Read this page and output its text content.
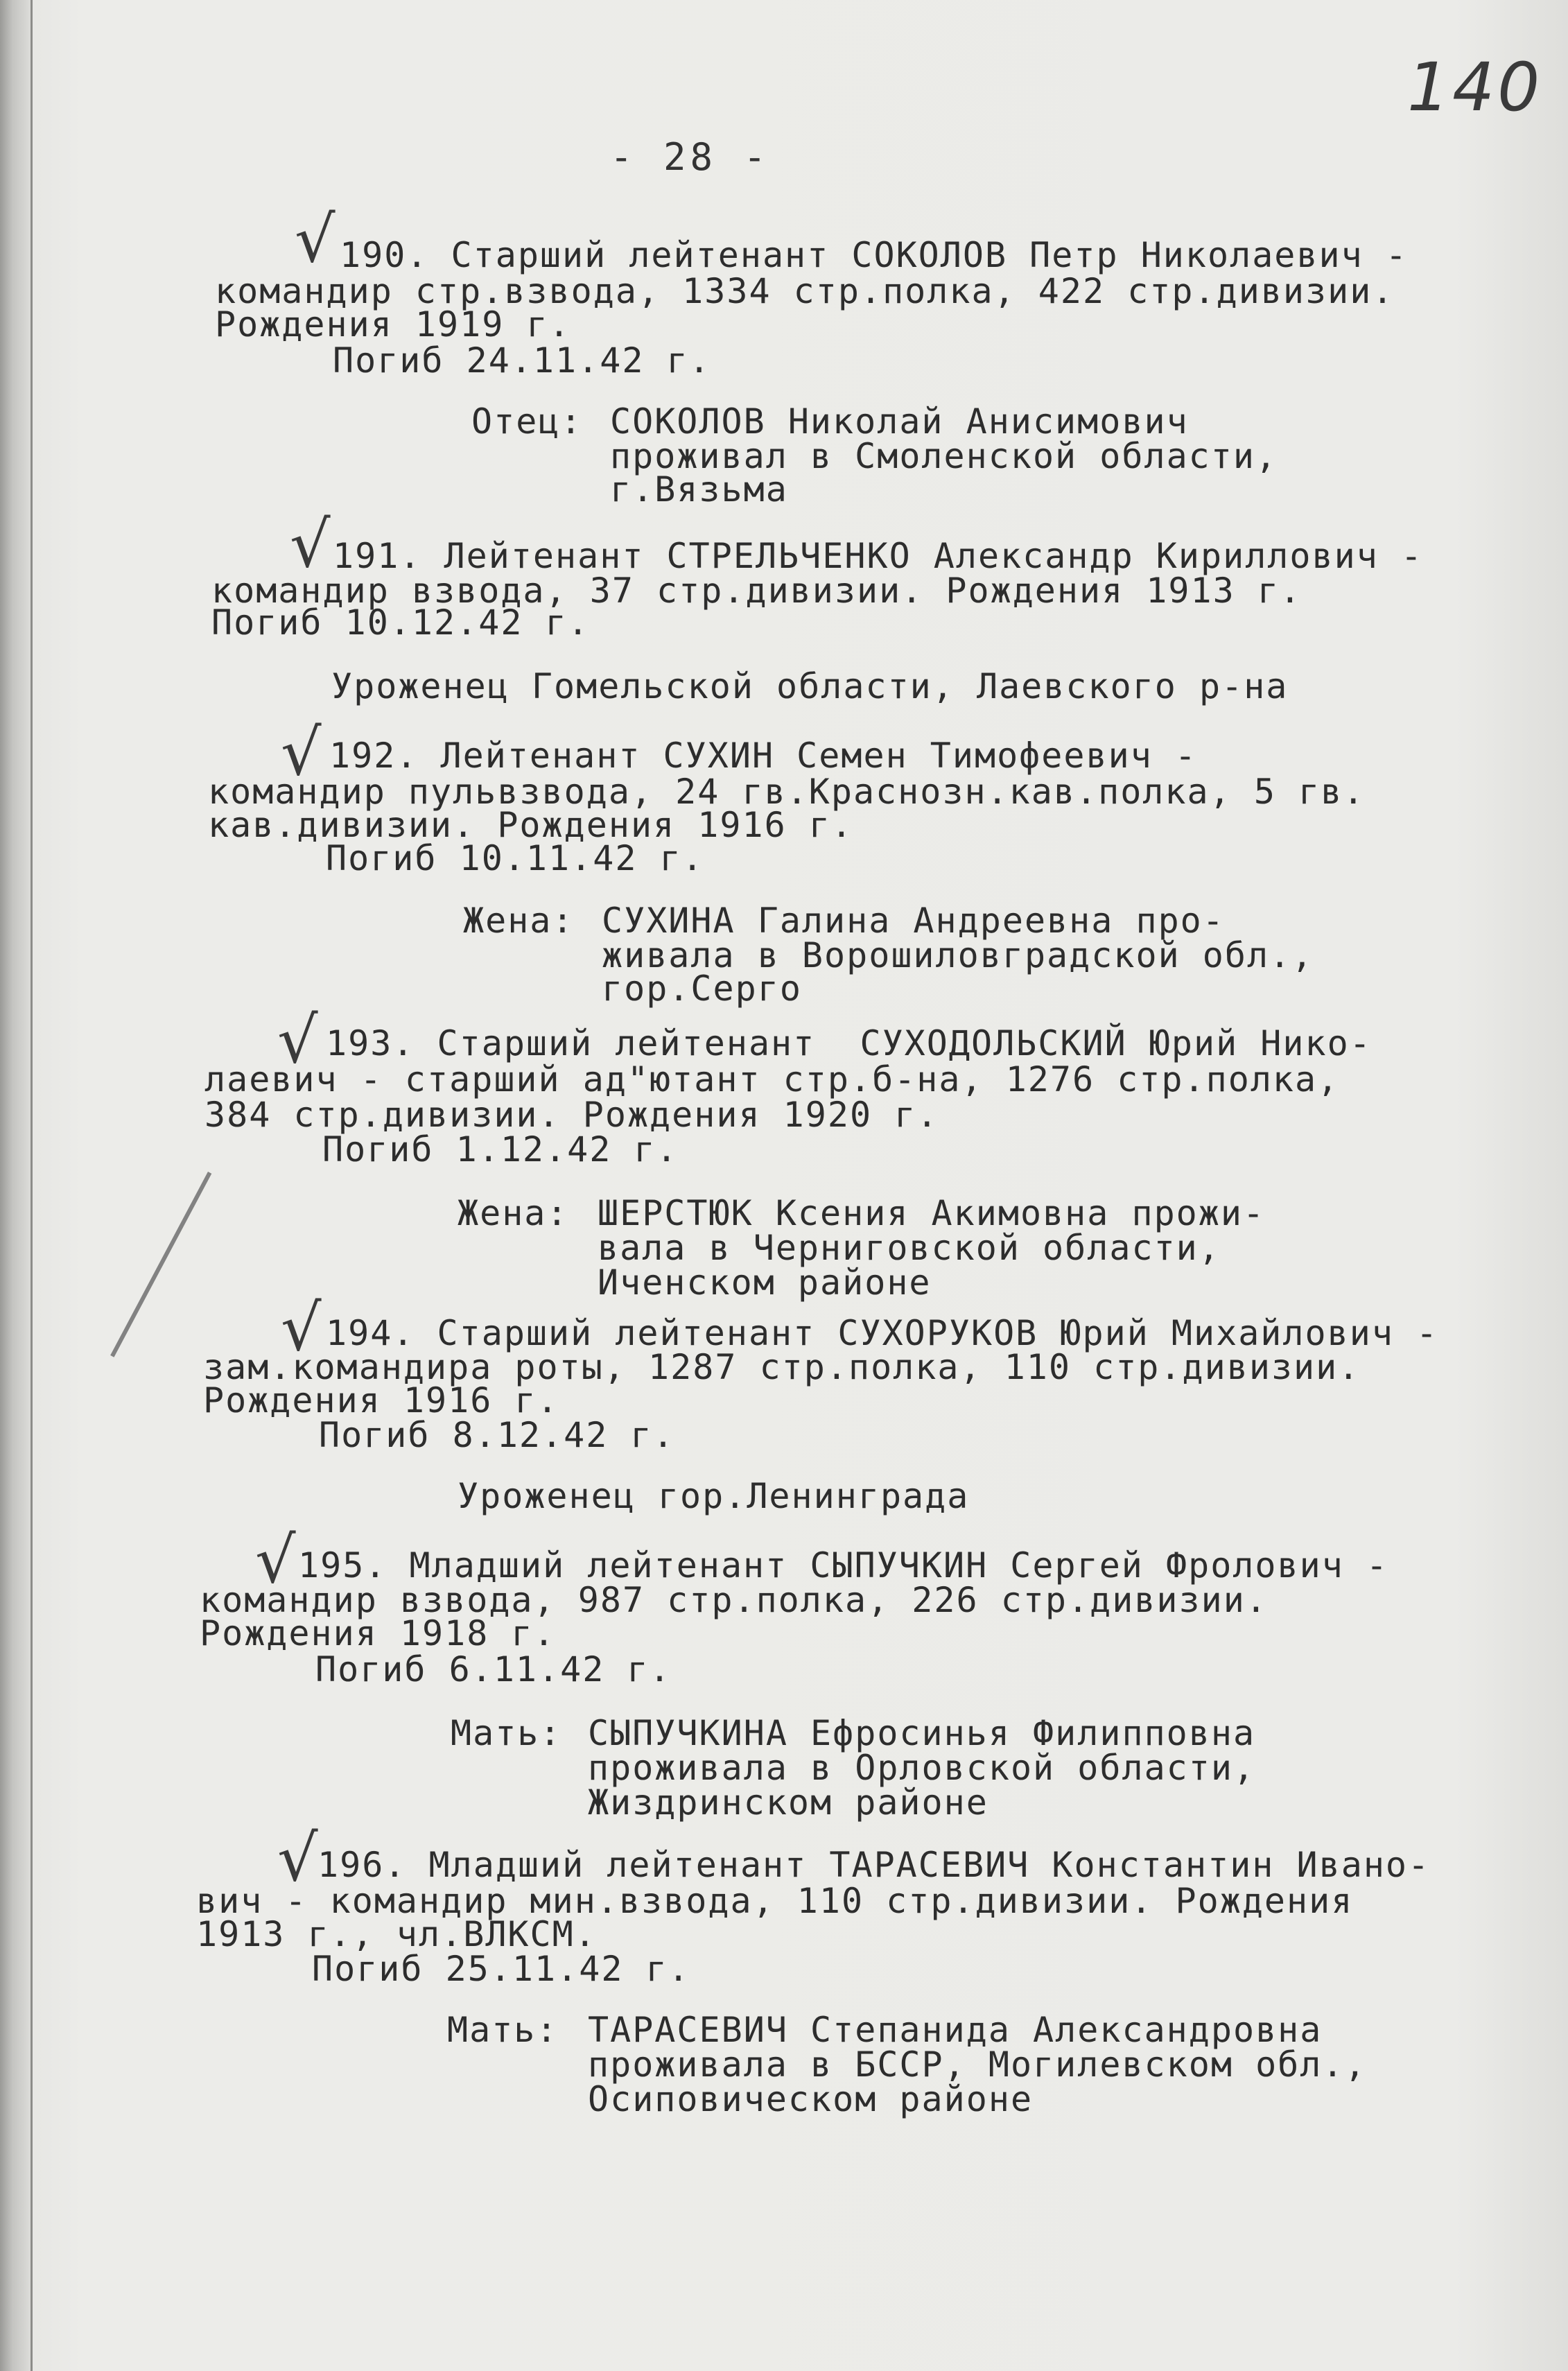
140
- 28 -
√ 190. Старший лейтенант СОКОЛОВ Петр Николаевич -
командир стр.взвода, 1334 стр.полка, 422 стр.дивизии.
Рождения 1919 г.
Погиб 24.11.42 г.
Отец: СОКОЛОВ Николай Анисимович
проживал в Смоленской области,
г.Вязьма
√ 191. Лейтенант СТРЕЛЬЧЕНКО Александр Кириллович -
командир взвода, 37 стр.дивизии. Рождения 1913 г.
Погиб 10.12.42 г.
Уроженец Гомельской области, Лаевского р-на
√ 192. Лейтенант СУХИН Семен Тимофеевич -
командир пульвзвода, 24 гв.Краснозн.кав.полка, 5 гв.
кав.дивизии. Рождения 1916 г.
Погиб 10.11.42 г.
Жена: СУХИНА Галина Андреевна про-
живала в Ворошиловградской обл.,
гор.Серго
√ 193. Старший лейтенант  СУХОДОЛЬСКИЙ Юрий Нико-
лаевич - старший ад"ютант стр.б-на, 1276 стр.полка,
384 стр.дивизии. Рождения 1920 г.
Погиб 1.12.42 г.
Жена: ШЕРСТЮК Ксения Акимовна прожи-
вала в Черниговской области,
Иченском районе
√ 194. Старший лейтенант СУХОРУКОВ Юрий Михайлович -
зам.командира роты, 1287 стр.полка, 110 стр.дивизии.
Рождения 1916 г.
Погиб 8.12.42 г.
Уроженец гор.Ленинграда
√ 195. Младший лейтенант СЫПУЧКИН Сергей Фролович -
командир взвода, 987 стр.полка, 226 стр.дивизии.
Рождения 1918 г.
Погиб 6.11.42 г.
Мать: СЫПУЧКИНА Ефросинья Филипповна
проживала в Орловской области,
Жиздринском районе
√ 196. Младший лейтенант ТАРАСЕВИЧ Константин Ивано-
вич - командир мин.взвода, 110 стр.дивизии. Рождения
1913 г., чл.ВЛКСМ.
Погиб 25.11.42 г.
Мать: ТАРАСЕВИЧ Степанида Александровна
проживала в БССР, Могилевском обл.,
Осиповическом районе
